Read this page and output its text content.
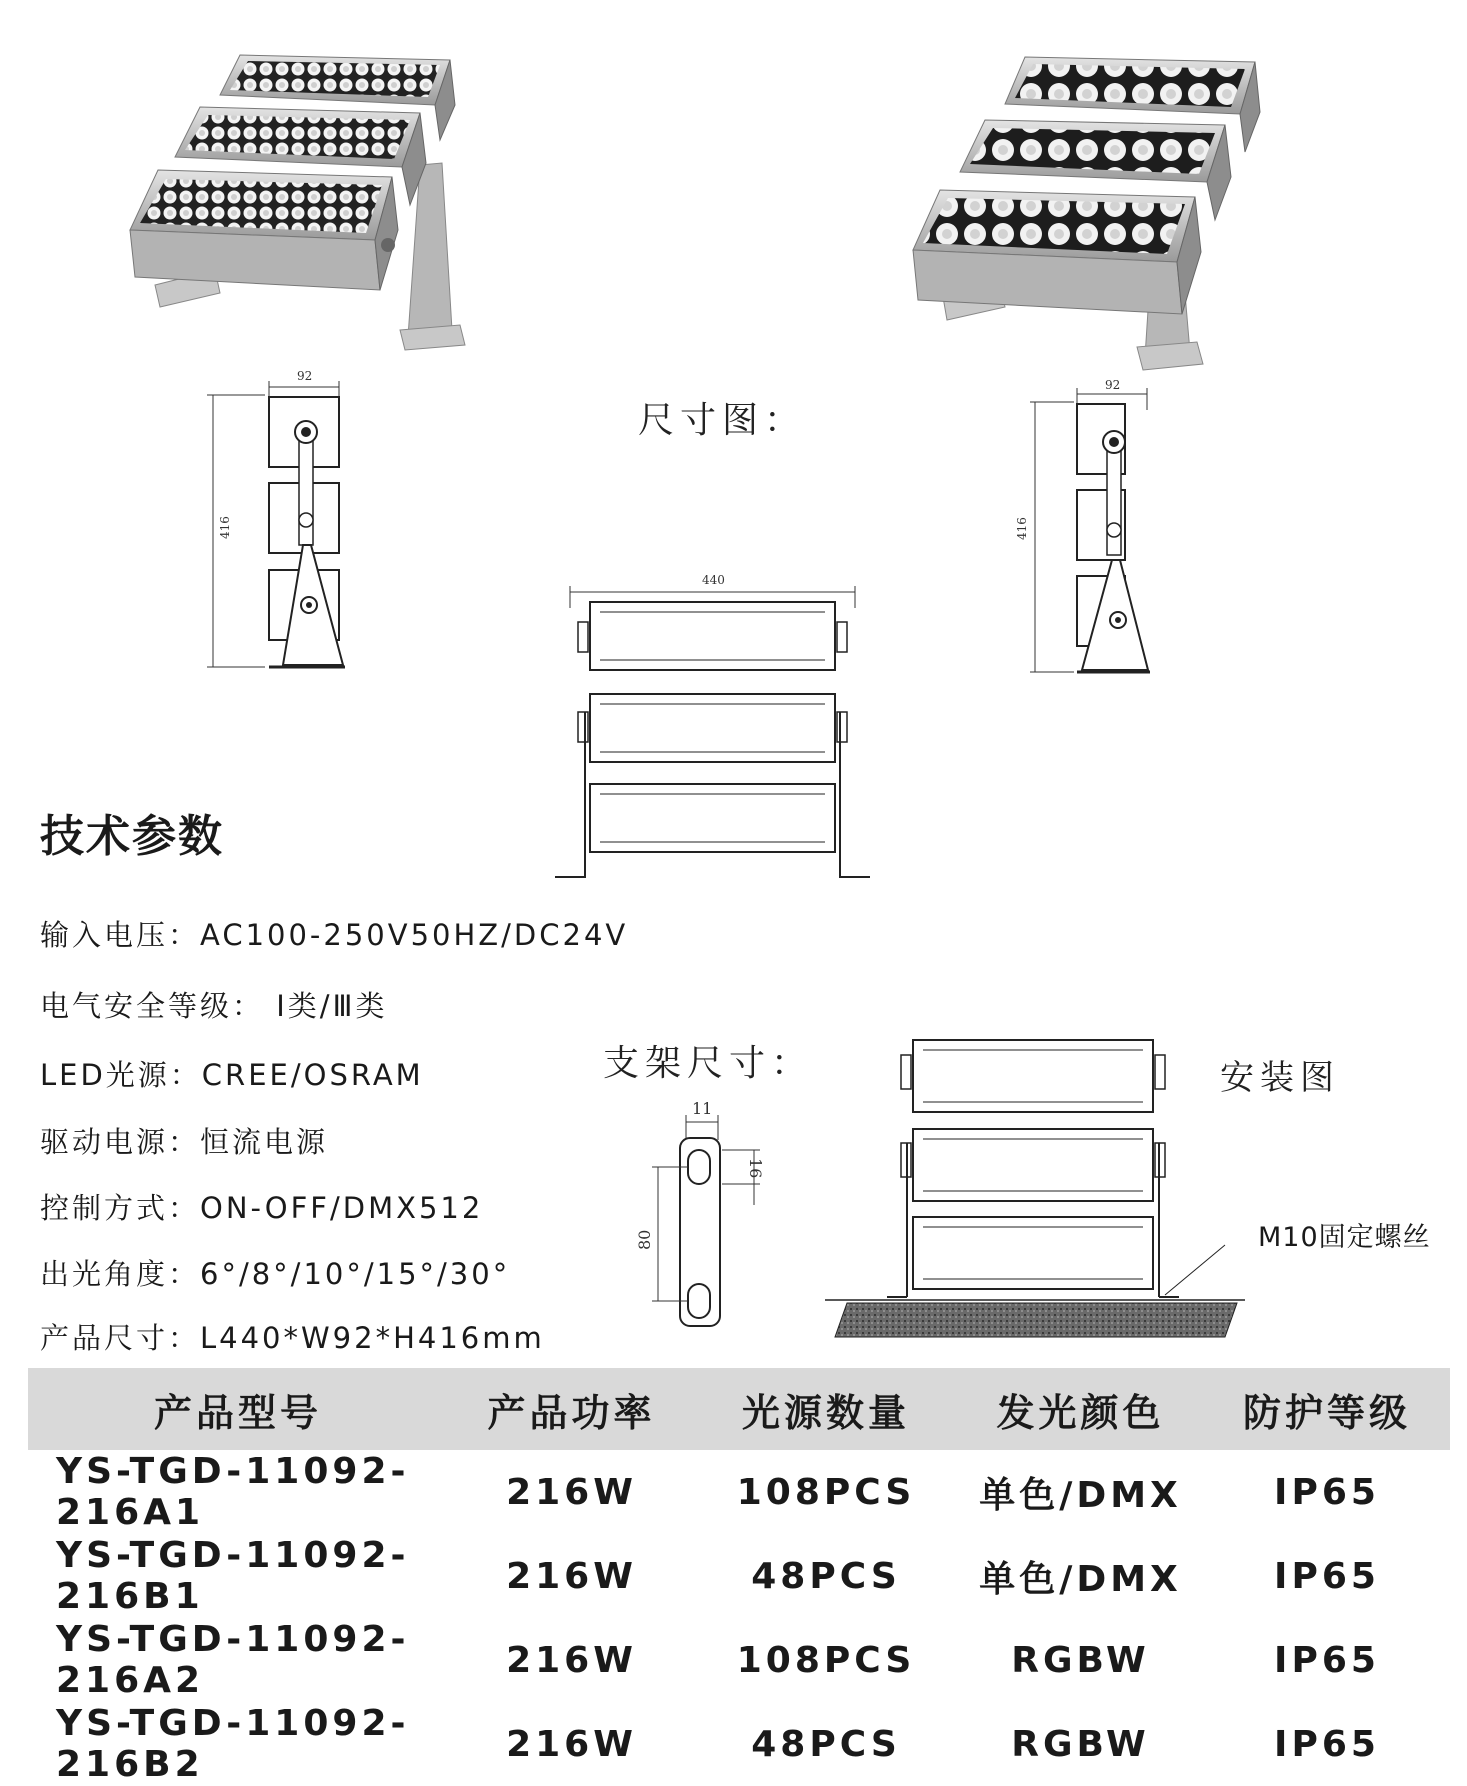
92
416
92
416
尺寸图：
440
技术参数
输入电压：AC100-250V50HZ/DC24V
电气安全等级： Ⅰ类/Ⅲ类
LED光源：CREE/OSRAM
驱动电源：恒流电源
控制方式：ON-OFF/DMX512
出光角度：6°/8°/10°/15°/30°
产品尺寸：L440*W92*H416mm
支架尺寸：
11
16
80
安装图
M10固定螺丝
产品型号	产品功率	光源数量	发光颜色	防护等级
YS-TGD-11092-216A1	216W	108PCS	单色/DMX	IP65
YS-TGD-11092-216B1	216W	48PCS	单色/DMX	IP65
YS-TGD-11092-216A2	216W	108PCS	RGBW	IP65
YS-TGD-11092-216B2	216W	48PCS	RGBW	IP65
